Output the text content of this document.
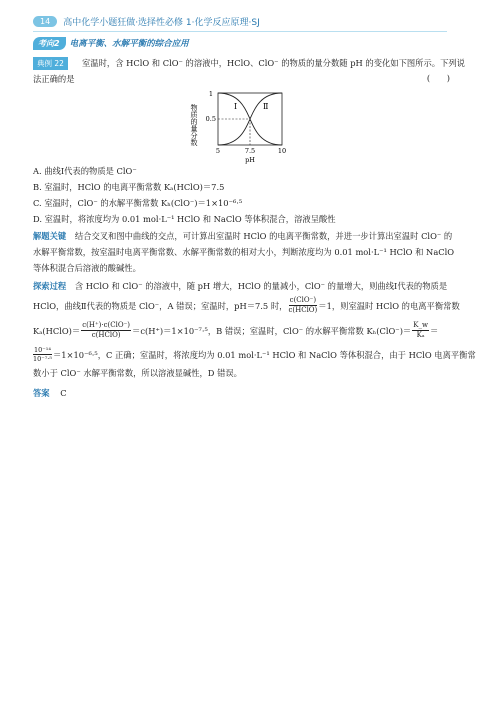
14	高中化学小题狂做·选择性必修 1·化学反应原理·SJ
考向2	电离平衡、水解平衡的综合应用
典例 22	室温时，含 HClO 和 ClO⁻ 的溶液中，HClO、ClO⁻ 的物质的量分数随 pH 的变化如下图所示。下列说
法正确的是	(　　)
物质的量分数	Ⅰ	Ⅱ
1
0.5
5	7.5	10
pH
A. 曲线Ⅰ代表的物质是 ClO⁻
B. 室温时，HClO 的电离平衡常数 Kₐ(HClO)＝7.5
C. 室温时，ClO⁻ 的水解平衡常数 Kₕ(ClO⁻)＝1×10⁻⁶·⁵
D. 室温时，将浓度均为 0.01 mol·L⁻¹ HClO 和 NaClO 等体积混合，溶液呈酸性
解题关键 结合交叉和图中曲线的交点，可计算出室温时 HClO 的电离平衡常数，并进一步计算出室温时 ClO⁻ 的
水解平衡常数，按室温时电离平衡常数、水解平衡常数的相对大小，判断浓度均为 0.01 mol·L⁻¹ HClO 和 NaClO
等体积混合后溶液的酸碱性。
探索过程 含 HClO 和 ClO⁻ 的溶液中，随 pH 增大，HClO 的量减小，ClO⁻ 的量增大，则曲线Ⅰ代表的物质是
HClO，曲线Ⅱ代表的物质是 ClO⁻，A 错误；室温时，pH＝7.5 时，
c(ClO⁻)
c(HClO) ＝1，则室温时 HClO 的电离平衡常数
Kₐ(HClO)＝
c(H⁺)·c(ClO⁻)
c(HClO) ＝c(H⁺)＝1×10⁻⁷·⁵，B 错误；室温时，ClO⁻ 的水解平衡常数 $K_h(ClO^-)= \frac{K\_w}{\text{Kₐ}}$ ＝
$\frac{\text{10⁻¹⁴}}{\text{10⁻⁷·⁵}} =1\times 10^{-6}\cdot^5$，C 正确；室温时，将浓度均为 0.01 mol·L⁻¹ HClO 和 NaClO 等体积混合，由于 HClO 电离平衡常
数小于 ClO⁻ 水解平衡常数，所以溶液显碱性，D 错误。
答案 C
